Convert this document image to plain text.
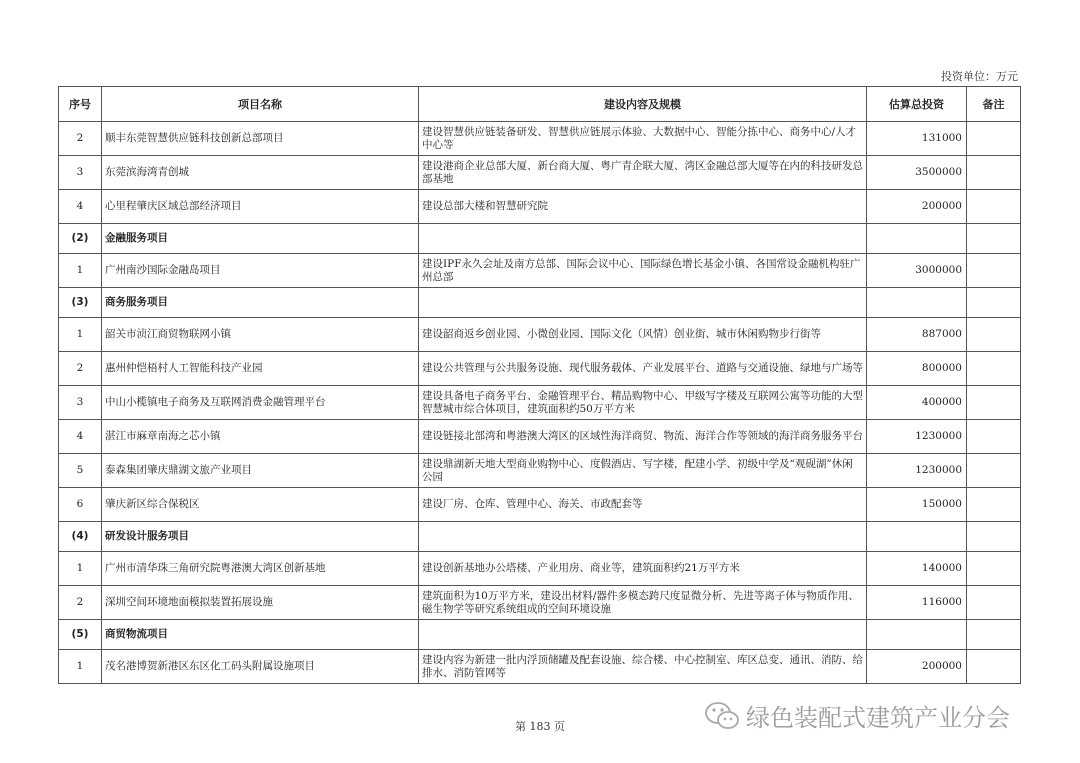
投资单位：万元
序号	项目名称	建设内容及规模	估算总投资	备注
2	顺丰东莞智慧供应链科技创新总部项目	建设智慧供应链装备研发、智慧供应链展示体验、大数据中心、智能分拣中心、商务中心/人才中心等	131000	
3	东莞滨海湾青创城	建设港商企业总部大厦、新台商大厦、粤广青企联大厦、湾区金融总部大厦等在内的科技研发总部基地	3500000	
4	心里程肇庆区域总部经济项目	建设总部大楼和智慧研究院	200000	
(2)	金融服务项目			
1	广州南沙国际金融岛项目	建设IPF永久会址及南方总部、国际会议中心、国际绿色增长基金小镇、各国常设金融机构驻广州总部	3000000	
(3)	商务服务项目			
1	韶关市浈江商贸物联网小镇	建设韶商返乡创业园、小微创业园、国际文化（风情）创业街、城市休闲购物步行街等	887000	
2	惠州仲恺梧村人工智能科技产业园	建设公共管理与公共服务设施、现代服务载体、产业发展平台、道路与交通设施、绿地与广场等	800000	
3	中山小榄镇电子商务及互联网消费金融管理平台	建设具备电子商务平台、金融管理平台、精品购物中心、甲级写字楼及互联网公寓等功能的大型智慧城市综合体项目，建筑面积约50万平方米	400000	
4	湛江市麻章南海之芯小镇	建设链接北部湾和粤港澳大湾区的区域性海洋商贸、物流、海洋合作等领域的海洋商务服务平台	1230000	
5	泰森集团肇庆鼎湖文旅产业项目	建设鼎湖新天地大型商业购物中心、度假酒店、写字楼，配建小学、初级中学及“观砚湖”休闲公园	1230000	
6	肇庆新区综合保税区	建设厂房、仓库、管理中心、海关、市政配套等	150000	
(4)	研发设计服务项目			
1	广州市清华珠三角研究院粤港澳大湾区创新基地	建设创新基地办公塔楼、产业用房、商业等，建筑面积约21万平方米	140000	
2	深圳空间环境地面模拟装置拓展设施	建筑面积为10万平方米，建设出材料/器件多模态跨尺度显微分析、先进等离子体与物质作用、磁生物学等研究系统组成的空间环境设施	116000	
(5)	商贸物流项目			
1	茂名港博贺新港区东区化工码头附属设施项目	建设内容为新建一批内浮顶储罐及配套设施、综合楼、中心控制室、库区总变、通讯、消防、给排水、消防管网等	200000	
第 183 页	绿色装配式建筑产业分会
